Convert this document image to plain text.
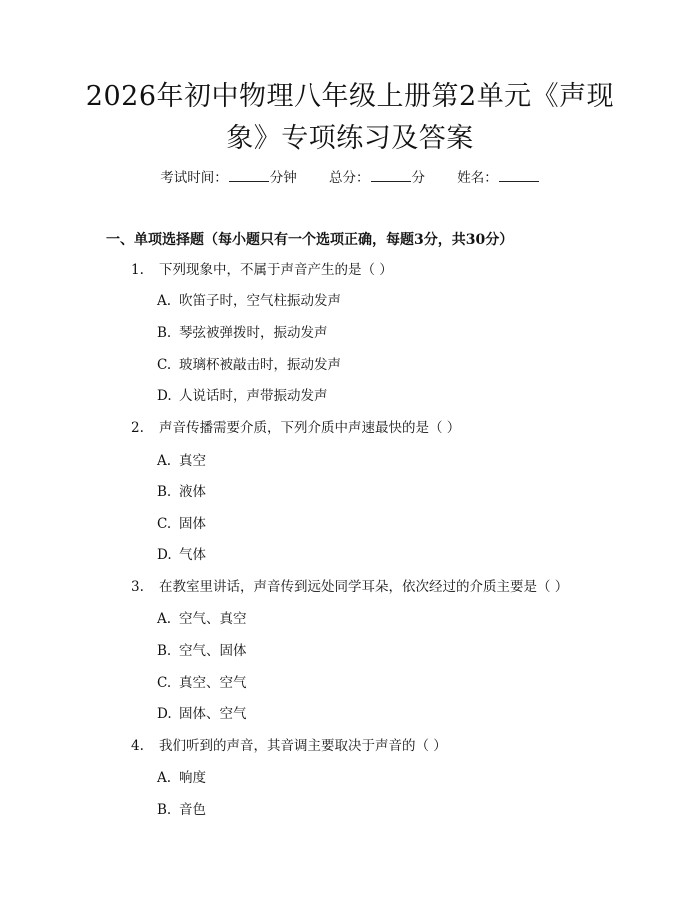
2026年初中物理八年级上册第2单元《声现
象》专项练习及答案
考试时间：	分钟 总分：	分 姓名：
一、单项选择题（每小题只有一个选项正确，每题3分，共30分）
1. 下列现象中，不属于声音产生的是（ ）
A. 吹笛子时，空气柱振动发声
B. 琴弦被弹拨时，振动发声
C. 玻璃杯被敲击时，振动发声
D. 人说话时，声带振动发声
2. 声音传播需要介质，下列介质中声速最快的是（ ）
A. 真空
B. 液体
C. 固体
D. 气体
3. 在教室里讲话，声音传到远处同学耳朵，依次经过的介质主要是（ ）
A. 空气、真空
B. 空气、固体
C. 真空、空气
D. 固体、空气
4. 我们听到的声音，其音调主要取决于声音的（ ）
A. 响度
B. 音色
